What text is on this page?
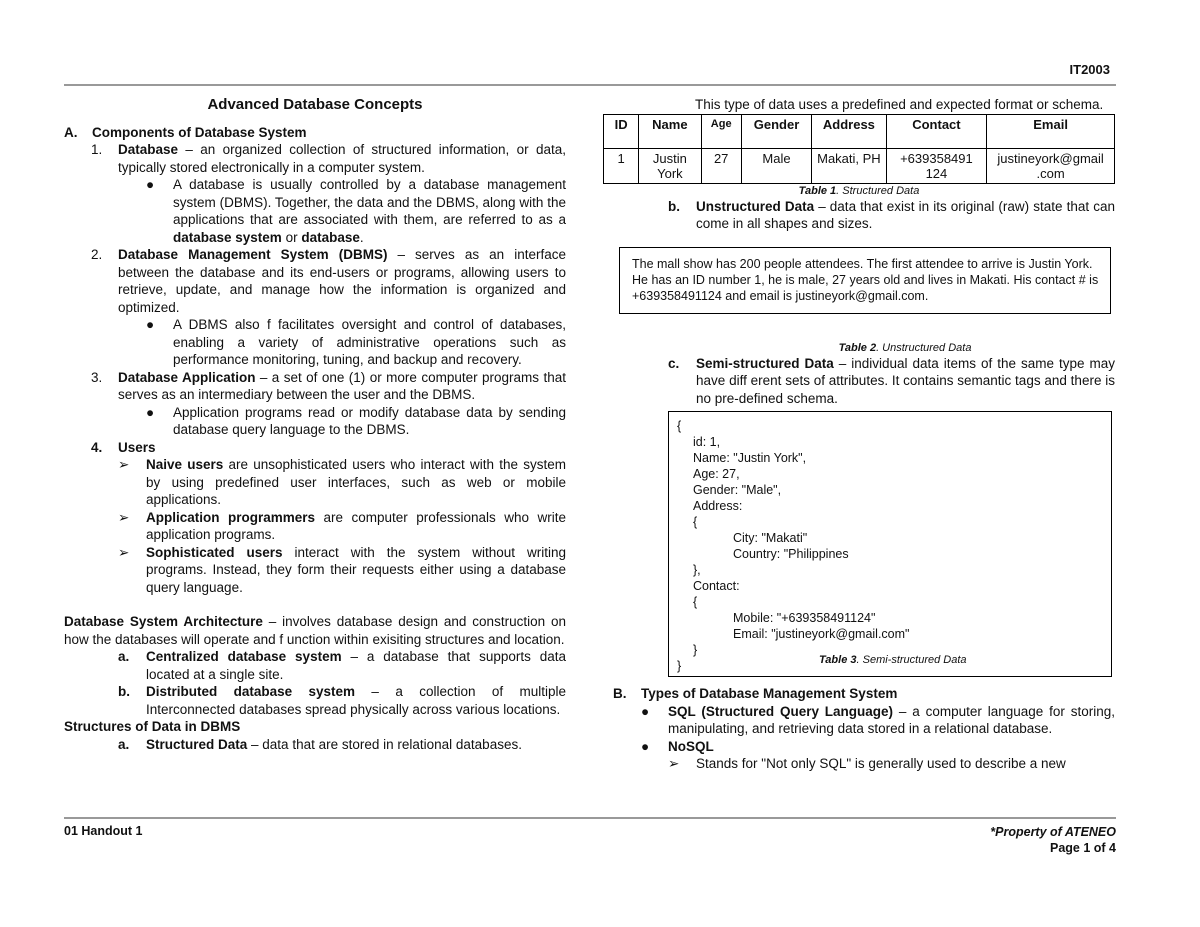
IT2003

Advanced Database Concepts

A.	Components of Database System
1.	Database – an organized collection of structured information, or data, typically stored electronically in a computer system.
●	A database is usually controlled by a database management system (DBMS). Together, the data and the DBMS, along with the applications that are associated with them, are referred to as a database system or database.
2.	Database Management System (DBMS) – serves as an interface between the database and its end-users or programs, allowing users to retrieve, update, and manage how the information is organized and optimized.
●	A DBMS also f facilitates oversight and control of databases, enabling a variety of administrative operations such as performance monitoring, tuning, and backup and recovery.
3.	Database Application – a set of one (1) or more computer programs that serves as an intermediary between the user and the DBMS.
●	Application programs read or modify database data by sending database query language to the DBMS.
4.	Users
➢	Naive users are unsophisticated users who interact with the system by using predefined user interfaces, such as web or mobile applications.
➢	Application programmers are computer professionals who write application programs.
➢	Sophisticated users interact with the system without writing programs. Instead, they form their requests either using a database query language.

Database System Architecture – involves database design and construction on how the databases will operate and f unction within exisiting structures and location.

a.	Centralized database system – a database that supports data located at a single site.
b.	Distributed database system – a collection of multiple Interconnected databases spread physically across various locations.

Structures of Data in DBMS

a.	Structured Data – data that are stored in relational databases.

This type of data uses a predefined and expected format or schema.

ID	Name	Age	Gender	Address	Contact	Email
1	Justin York	27	Male	Makati, PH	+639358491 124	justineyork@gmail .com

Table 1. Structured Data

b.	Unstructured Data – data that exist in its original (raw) state that can come in all shapes and sizes.
The mall show has 200 people attendees. The first attendee to arrive is Justin York. He has an ID number 1, he is male, 27 years old and lives in Makati. His contact # is +639358491124 and email is justineyork@gmail.com.

Table 2. Unstructured Data

c.	Semi-structured Data – individual data items of the same type may have diff erent sets of attributes. It contains semantic tags and there is no pre-defined schema.
{
id: 1,
Name: "Justin York",
Age: 27,
Gender: "Male",
Address:
{
City: "Makati"
Country: "Philippines
},
Contact:
{
Mobile: "+639358491124"
Email: "justineyork@gmail.com"
}
}	Table 3. Semi-structured Data

B.	Types of Database Management System
●	SQL (Structured Query Language) – a computer language for storing, manipulating, and retrieving data stored in a relational database.
●	NoSQL
➢	Stands for "Not only SQL" is generally used to describe a new
01 Handout 1	*Property of ATENEO
Page 1 of 4
